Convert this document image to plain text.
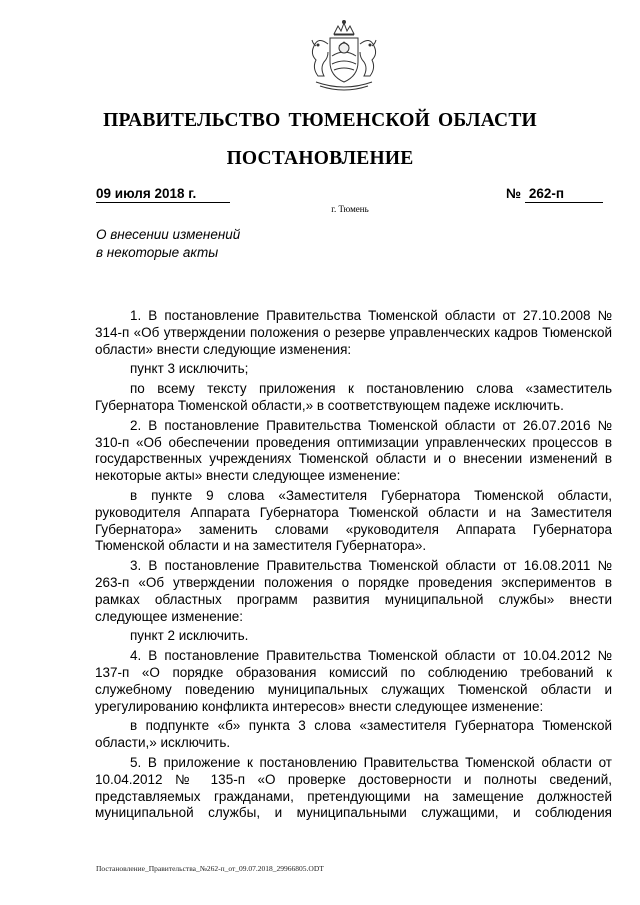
ПРАВИТЕЛЬСТВО ТЮМЕНСКОЙ ОБЛАСТИ
ПОСТАНОВЛЕНИЕ
09 июля 2018 г.	№ 262-п
г. Тюмень
О внесении изменений
в некоторые акты

1. В постановление Правительства Тюменской области от 27.10.2008 № 314-п «Об утверждении положения о резерве управленческих кадров Тюменской области» внести следующие изменения:

пункт 3 исключить;

по всему тексту приложения к постановлению слова «заместитель Губернатора Тюменской области,» в соответствующем падеже исключить.

2. В постановление Правительства Тюменской области от 26.07.2016 № 310-п «Об обеспечении проведения оптимизации управленческих процессов в государственных учреждениях Тюменской области и о внесении изменений в некоторые акты» внести следующее изменение:

в пункте 9 слова «Заместителя Губернатора Тюменской области, руководителя Аппарата Губернатора Тюменской области и на Заместителя Губернатора» заменить словами «руководителя Аппарата Губернатора Тюменской области и на заместителя Губернатора».

3. В постановление Правительства Тюменской области от 16.08.2011 № 263-п «Об утверждении положения о порядке проведения экспериментов в рамках областных программ развития муниципальной службы» внести следующее изменение:

пункт 2 исключить.

4. В постановление Правительства Тюменской области от 10.04.2012 № 137-п «О порядке образования комиссий по соблюдению требований к служебному поведению муниципальных служащих Тюменской области и урегулированию конфликта интересов» внести следующее изменение:

в подпункте «б» пункта 3 слова «заместителя Губернатора Тюменской области,» исключить.

5. В приложение к постановлению Правительства Тюменской области от 10.04.2012 № 135-п «О проверке достоверности и полноты сведений, представляемых гражданами, претендующими на замещение должностей муниципальной службы, и муниципальными служащими, и соблюдения

Постановление_Правительства_№262-п_от_09.07.2018_29966805.ODT
